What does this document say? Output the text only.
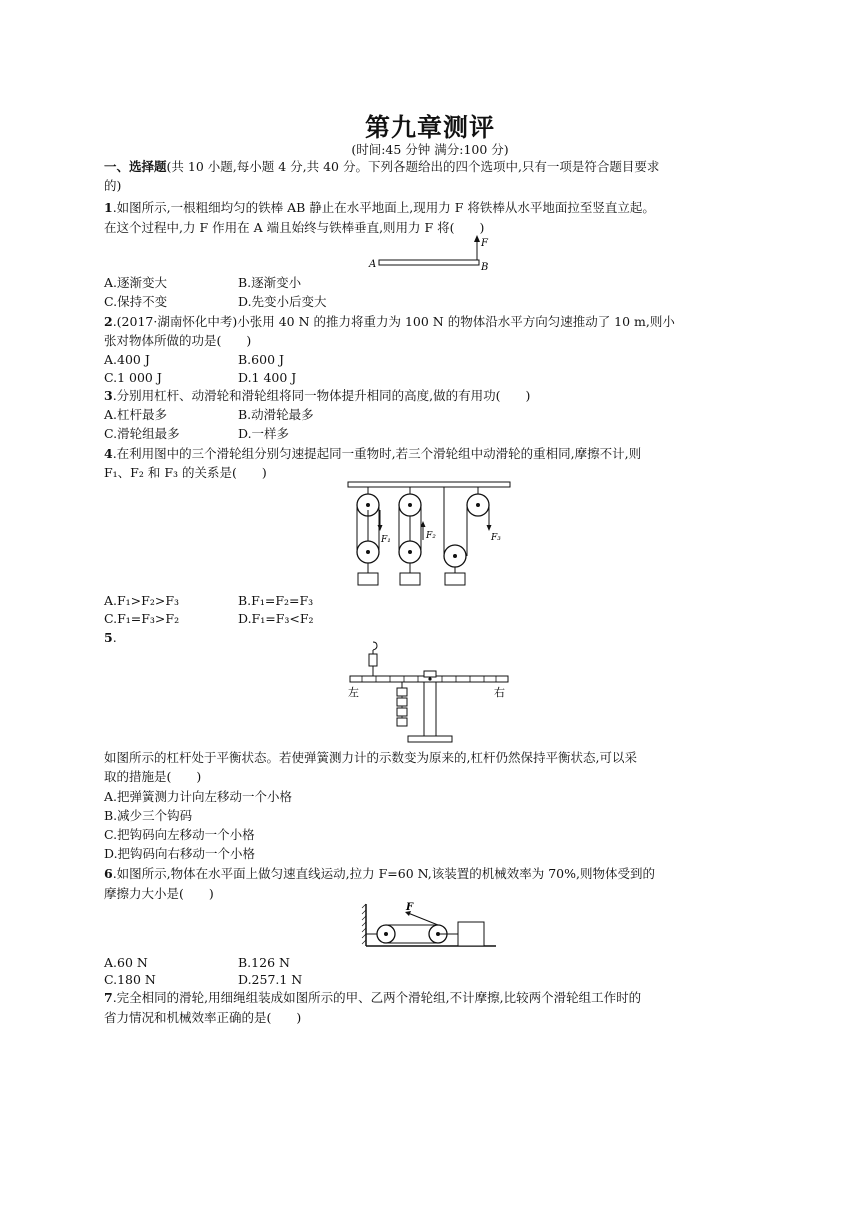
第九章测评
(时间:45 分钟 满分:100 分)
一、选择题(共 10 小题,每小题 4 分,共 40 分。下列各题给出的四个选项中,只有一项是符合题目要求
的)
1.如图所示,一根粗细均匀的铁棒 AB 静止在水平地面上,现用力 F 将铁棒从水平地面拉至竖直立起。
在这个过程中,力 F 作用在 A 端且始终与铁棒垂直,则用力 F 将(　　)
A	B
F
A.逐渐变大	B.逐渐变小
C.保持不变	D.先变小后变大
2.(2017·湖南怀化中考)小张用 40 N 的推力将重力为 100 N 的物体沿水平方向匀速推动了 10 m,则小
张对物体所做的功是(　　)
A.400 J	B.600 J
C.1 000 J	D.1 400 J
3.分别用杠杆、动滑轮和滑轮组将同一物体提升相同的高度,做的有用功(　　)
A.杠杆最多	B.动滑轮最多
C.滑轮组最多	D.一样多
4.在利用图中的三个滑轮组分别匀速提起同一重物时,若三个滑轮组中动滑轮的重相同,摩擦不计,则
F₁、F₂ 和 F₃ 的关系是(　　)
F₁	F₂	F₃
A.F₁>F₂>F₃	B.F₁=F₂=F₃
C.F₁=F₃>F₂	D.F₁=F₃<F₂
5.
左	右
如图所示的杠杆处于平衡状态。若使弹簧测力计的示数变为原来的,杠杆仍然保持平衡状态,可以采
取的措施是(　　)
A.把弹簧测力计向左移动一个小格
B.减少三个钩码
C.把钩码向左移动一个小格
D.把钩码向右移动一个小格
6.如图所示,物体在水平面上做匀速直线运动,拉力 F=60 N,该装置的机械效率为 70%,则物体受到的
摩擦力大小是(　　)
F
A.60 N	B.126 N
C.180 N	D.257.1 N
7.完全相同的滑轮,用细绳组装成如图所示的甲、乙两个滑轮组,不计摩擦,比较两个滑轮组工作时的
省力情况和机械效率正确的是(　　)
